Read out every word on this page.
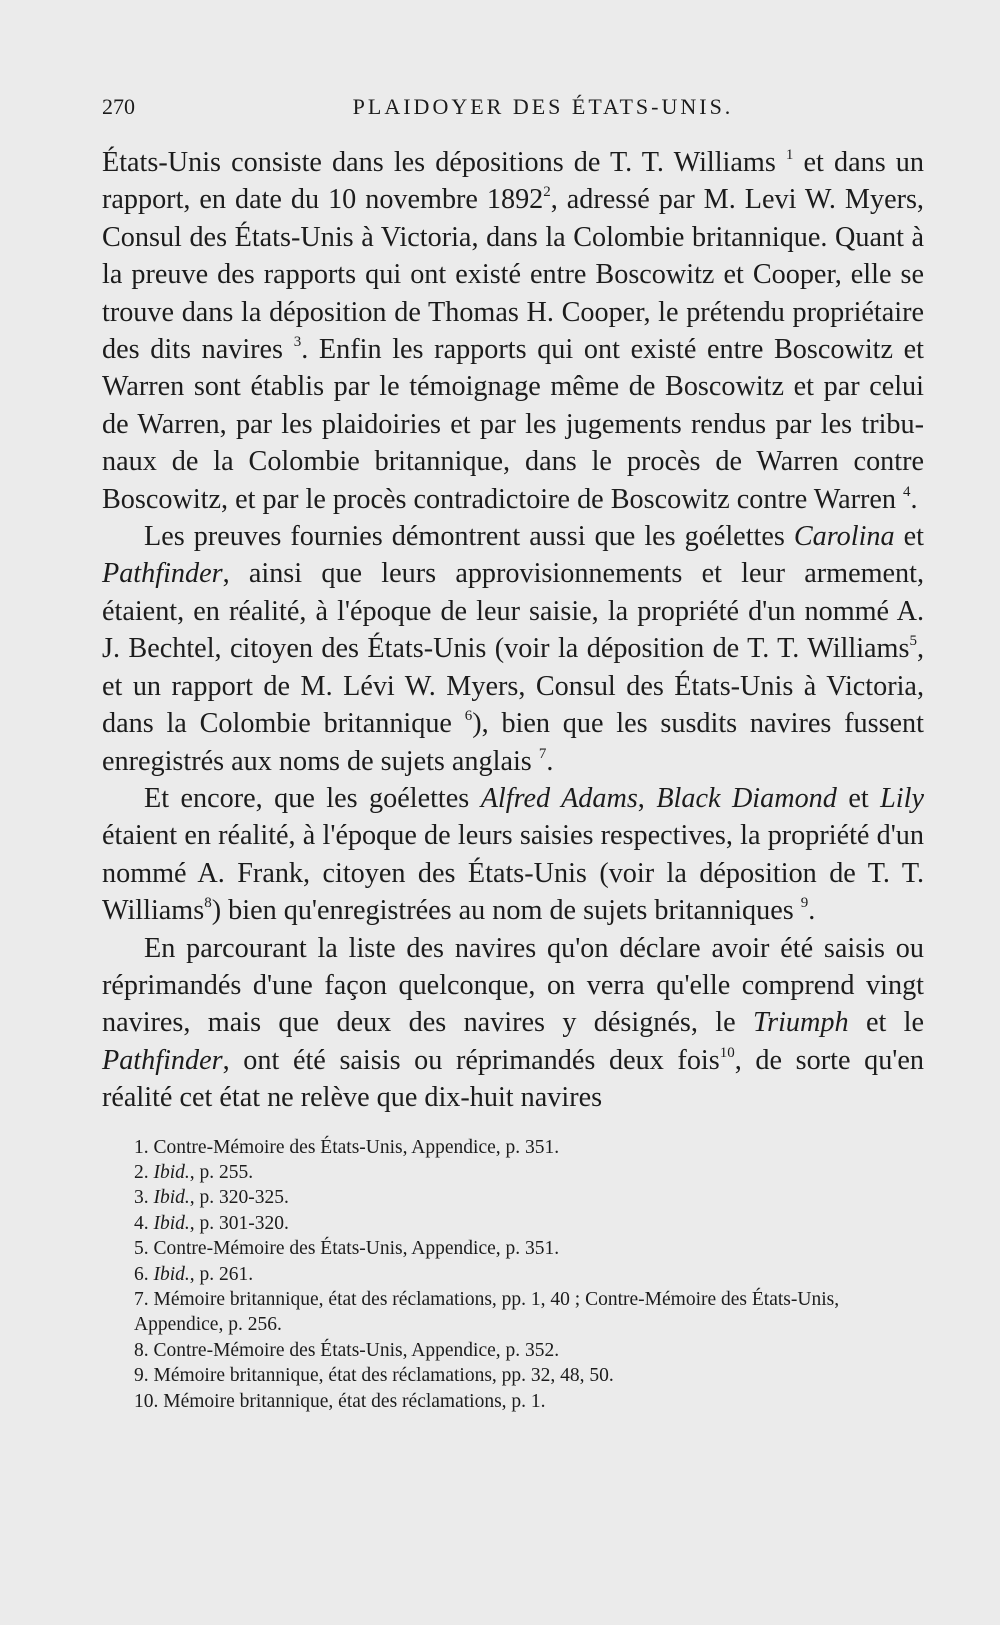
270	PLAIDOYER DES ÉTATS-UNIS.

États-Unis consiste dans les dépositions de T. T. Williams $^1$ et dans un rapport, en date du 10 novembre 1892$^2$, adressé par M. Levi W. Myers, Consul des États-Unis à Victoria, dans la Colombie britannique. Quant à la preuve des rapports qui ont existé entre Boscowitz et Cooper, elle se trouve dans la déposition de Thomas H. Cooper, le prétendu propriétaire des dits navires $^3$. Enfin les rapports qui ont existé entre Boscowitz et Warren sont établis par le témoignage même de Boscowitz et par celui de Warren, par les plaidoiries et par les jugements rendus par les tribunaux de la Colombie britannique, dans le procès de Warren contre Boscowitz, et par le procès contradictoire de Boscowitz contre Warren $^4$.

Les preuves fournies démontrent aussi que les goélettes Carolina et Pathfinder, ainsi que leurs approvisionnements et leur armement, étaient, en réalité, à l'époque de leur saisie, la propriété d'un nommé A. J. Bechtel, citoyen des États-Unis (voir la déposition de T. T. Williams$^5$, et un rapport de M. Lévi W. Myers, Consul des États-Unis à Victoria, dans la Colombie britannique $^6$), bien que les susdits navires fussent enregistrés aux noms de sujets anglais $^7$.

Et encore, que les goélettes Alfred Adams, Black Diamond et Lily étaient en réalité, à l'époque de leurs saisies respectives, la propriété d'un nommé A. Frank, citoyen des États-Unis (voir la déposition de T. T. Williams$^8$) bien qu'enregistrées au nom de sujets britanniques $^9$.

En parcourant la liste des navires qu'on déclare avoir été saisis ou réprimandés d'une façon quelconque, on verra qu'elle comprend vingt navires, mais que deux des navires y désignés, le Triumph et le Pathfinder, ont été saisis ou réprimandés deux fois$^{10}$, de sorte qu'en réalité cet état ne relève que dix-huit navires

1. Contre-Mémoire des États-Unis, Appendice, p. 351.
2. Ibid., p. 255.
3. Ibid., p. 320-325.
4. Ibid., p. 301-320.
5. Contre-Mémoire des États-Unis, Appendice, p. 351.
6. Ibid., p. 261.
7. Mémoire britannique, état des réclamations, pp. 1, 40 ; Contre-Mémoire des États-Unis, Appendice, p. 256.
8. Contre-Mémoire des États-Unis, Appendice, p. 352.
9. Mémoire britannique, état des réclamations, pp. 32, 48, 50.
10. Mémoire britannique, état des réclamations, p. 1.
